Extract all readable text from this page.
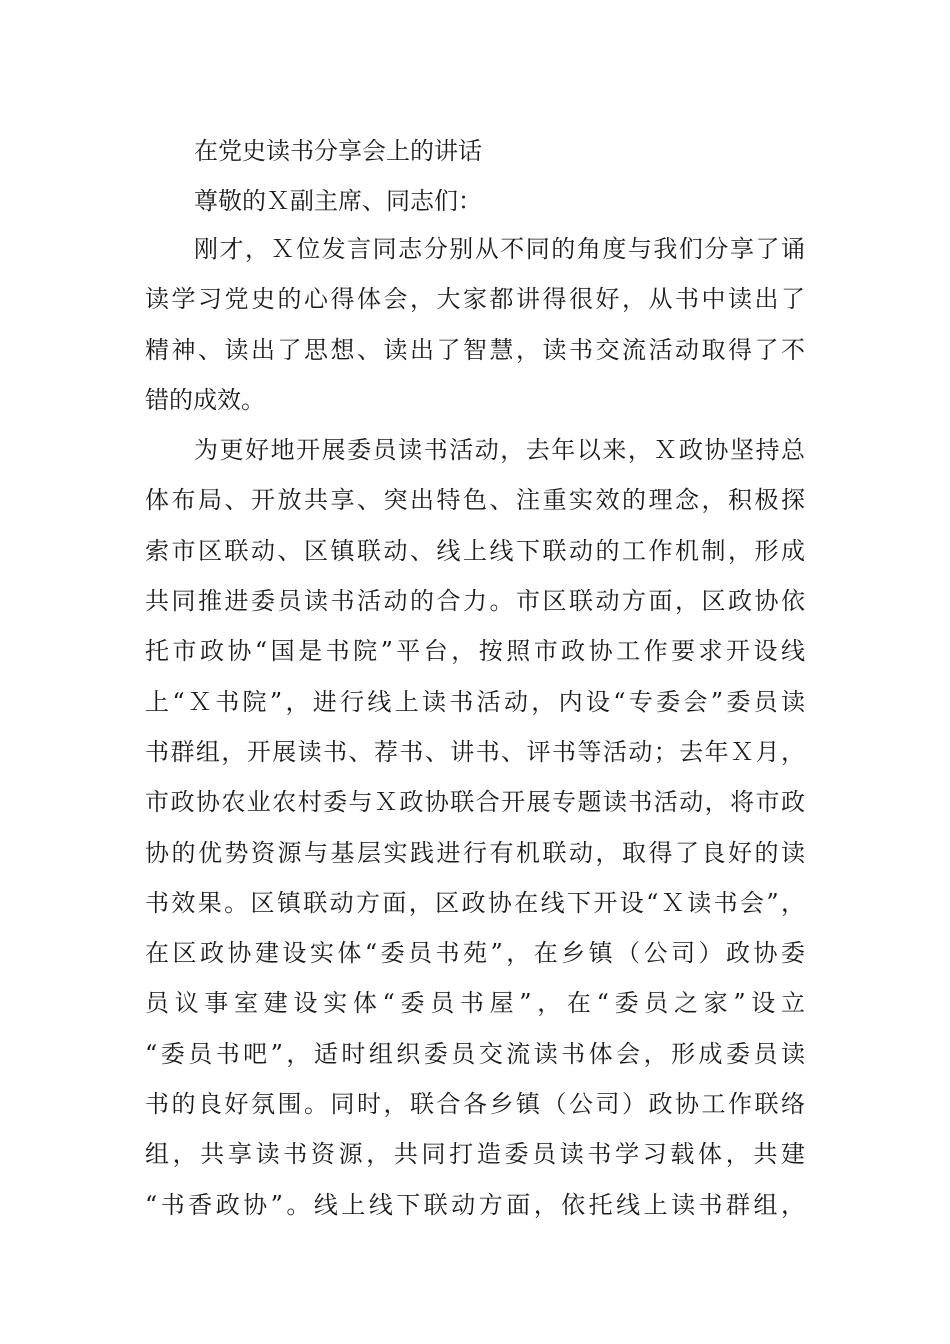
在党史读书分享会上的讲话
尊敬的Ｘ副主席、同志们：
刚才，Ｘ位发言同志分别从不同的角度与我们分享了诵
读学习党史的心得体会，大家都讲得很好，从书中读出了
精神、读出了思想、读出了智慧，读书交流活动取得了不
错的成效。
为更好地开展委员读书活动，去年以来，Ｘ政协坚持总
体布局、开放共享、突出特色、注重实效的理念，积极探
索市区联动、区镇联动、线上线下联动的工作机制，形成
共同推进委员读书活动的合力。市区联动方面，区政协依
托市政协“国是书院”平台，按照市政协工作要求开设线
上“Ｘ书院”，进行线上读书活动，内设“专委会”委员读
书群组，开展读书、荐书、讲书、评书等活动；去年Ｘ月，
市政协农业农村委与Ｘ政协联合开展专题读书活动，将市政
协的优势资源与基层实践进行有机联动，取得了良好的读
书效果。区镇联动方面，区政协在线下开设“Ｘ读书会”，
在区政协建设实体“委员书苑”，在乡镇（公司）政协委
员议事室建设实体“委员书屋”，在“委员之家”设立
“委员书吧”，适时组织委员交流读书体会，形成委员读
书的良好氛围。同时，联合各乡镇（公司）政协工作联络
组，共享读书资源，共同打造委员读书学习载体，共建
“书香政协”。线上线下联动方面，依托线上读书群组，
